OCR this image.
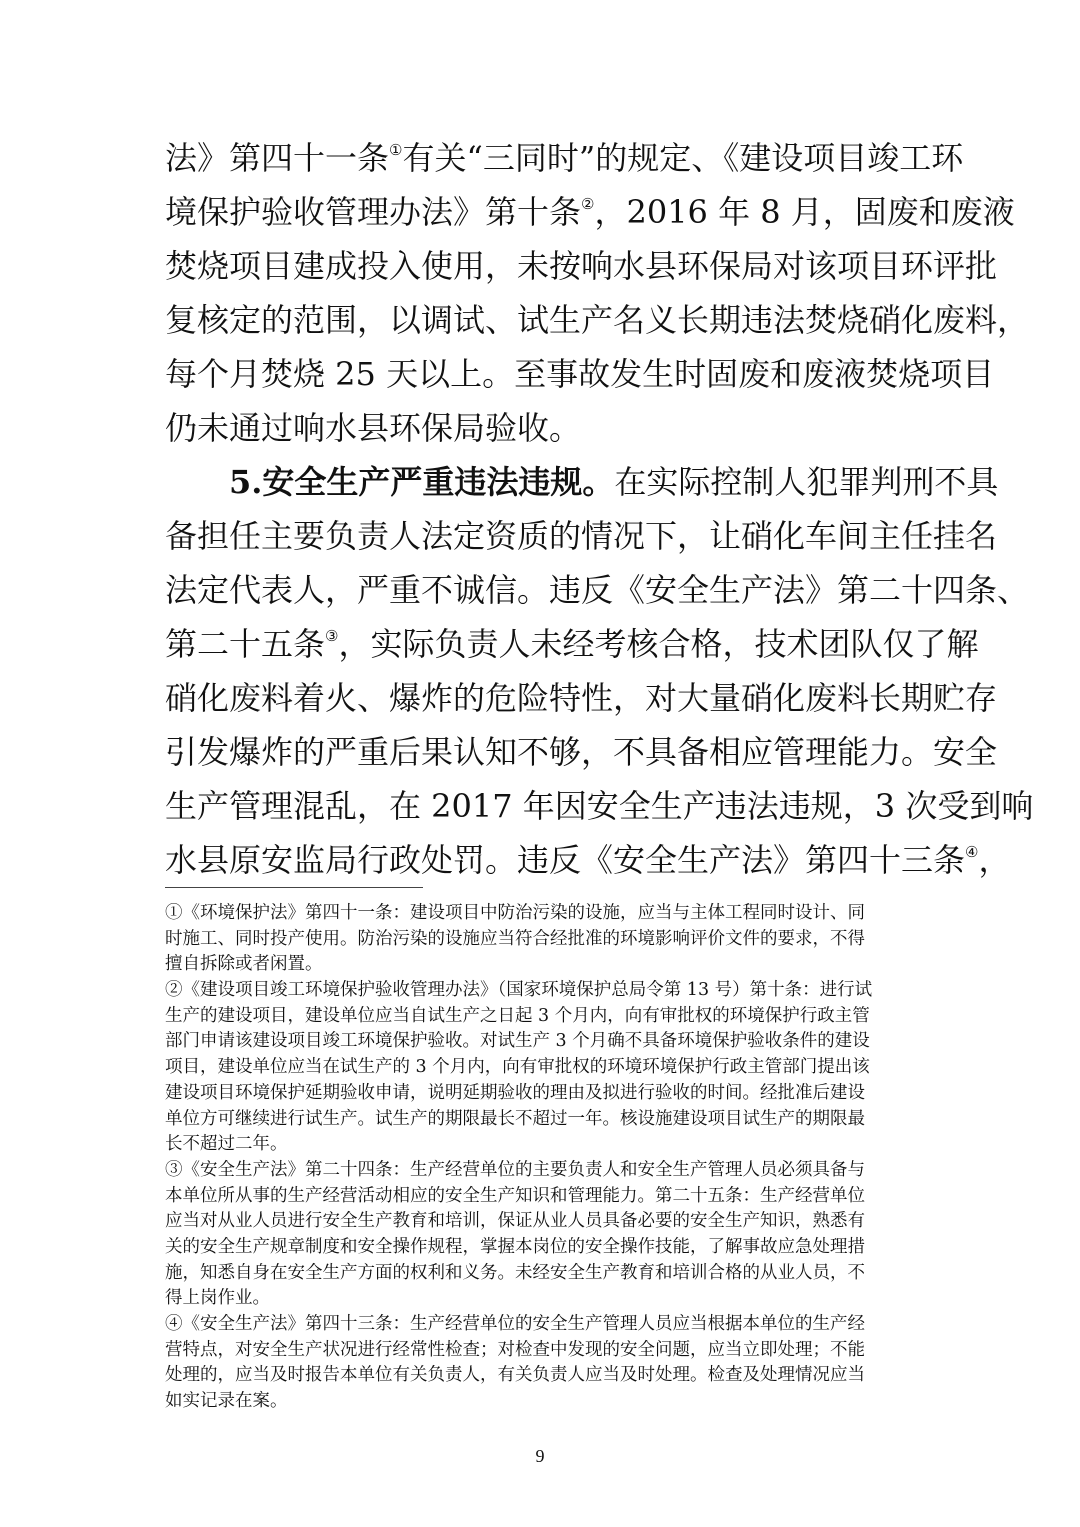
法》第四十一条①有关“三同时”的规定、《建设项目竣工环
境保护验收管理办法》第十条②，2016 年 8 月，固废和废液
焚烧项目建成投入使用，未按响水县环保局对该项目环评批
复核定的范围，以调试、试生产名义长期违法焚烧硝化废料，
每个月焚烧 25 天以上。至事故发生时固废和废液焚烧项目
仍未通过响水县环保局验收。
5.安全生产严重违法违规。在实际控制人犯罪判刑不具
备担任主要负责人法定资质的情况下，让硝化车间主任挂名
法定代表人，严重不诚信。违反《安全生产法》第二十四条、
第二十五条③，实际负责人未经考核合格，技术团队仅了解
硝化废料着火、爆炸的危险特性，对大量硝化废料长期贮存
引发爆炸的严重后果认知不够，不具备相应管理能力。安全
生产管理混乱，在 2017 年因安全生产违法违规，3 次受到响
水县原安监局行政处罚。违反《安全生产法》第四十三条④，
①《环境保护法》第四十一条：建设项目中防治污染的设施，应当与主体工程同时设计、同
时施工、同时投产使用。防治污染的设施应当符合经批准的环境影响评价文件的要求，不得
擅自拆除或者闲置。
②《建设项目竣工环境保护验收管理办法》（国家环境保护总局令第 13 号）第十条：进行试
生产的建设项目，建设单位应当自试生产之日起 3 个月内，向有审批权的环境保护行政主管
部门申请该建设项目竣工环境保护验收。对试生产 3 个月确不具备环境保护验收条件的建设
项目，建设单位应当在试生产的 3 个月内，向有审批权的环境环境保护行政主管部门提出该
建设项目环境保护延期验收申请，说明延期验收的理由及拟进行验收的时间。经批准后建设
单位方可继续进行试生产。试生产的期限最长不超过一年。核设施建设项目试生产的期限最
长不超过二年。
③《安全生产法》第二十四条：生产经营单位的主要负责人和安全生产管理人员必须具备与
本单位所从事的生产经营活动相应的安全生产知识和管理能力。第二十五条：生产经营单位
应当对从业人员进行安全生产教育和培训，保证从业人员具备必要的安全生产知识，熟悉有
关的安全生产规章制度和安全操作规程，掌握本岗位的安全操作技能，了解事故应急处理措
施，知悉自身在安全生产方面的权利和义务。未经安全生产教育和培训合格的从业人员，不
得上岗作业。
④《安全生产法》第四十三条：生产经营单位的安全生产管理人员应当根据本单位的生产经
营特点，对安全生产状况进行经常性检查；对检查中发现的安全问题，应当立即处理；不能
处理的，应当及时报告本单位有关负责人，有关负责人应当及时处理。检查及处理情况应当
如实记录在案。
9
